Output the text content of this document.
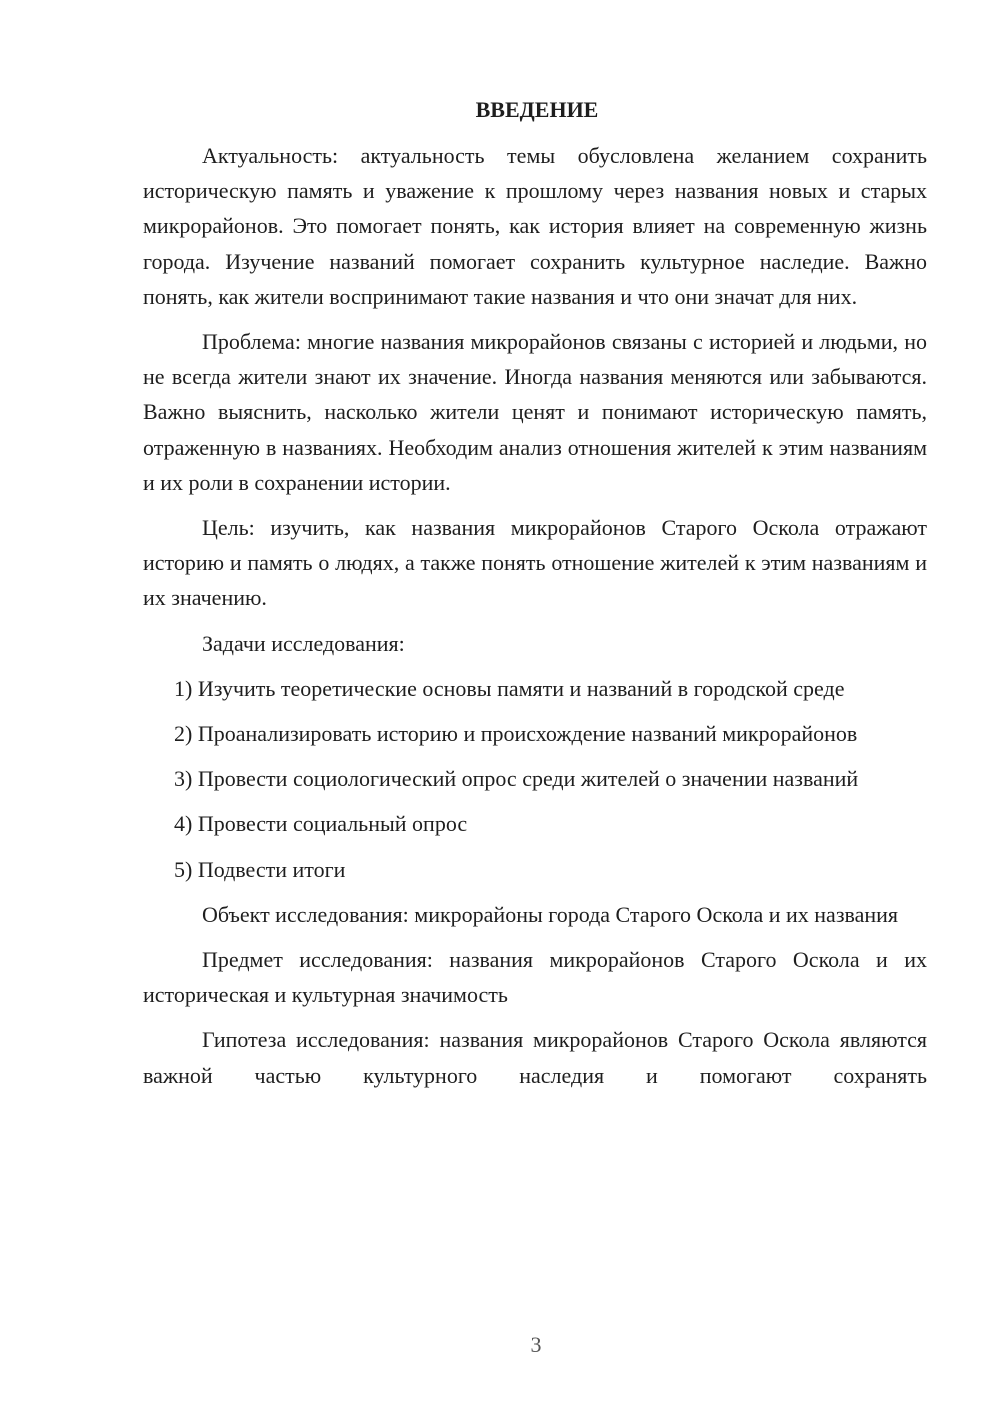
ВВЕДЕНИЕ

Актуальность: актуальность темы обусловлена желанием сохранить историческую память и уважение к прошлому через названия новых и старых микрорайонов. Это помогает понять, как история влияет на современную жизнь города. Изучение названий помогает сохранить культурное наследие. Важно понять, как жители воспринимают такие названия и что они значат для них.

Проблема: многие названия микрорайонов связаны с историей и людьми, но не всегда жители знают их значение. Иногда названия меняются или забываются. Важно выяснить, насколько жители ценят и понимают историческую память, отраженную в названиях. Необходим анализ отношения жителей к этим названиям и их роли в сохранении истории.

Цель: изучить, как названия микрорайонов Старого Оскола отражают историю и память о людях, а также понять отношение жителей к этим названиям и их значению.

Задачи исследования:

1) Изучить теоретические основы памяти и названий в городской среде

2) Проанализировать историю и происхождение названий микрорайонов

3) Провести социологический опрос среди жителей о значении названий

4) Провести социальный опрос

5) Подвести итоги

Объект исследования: микрорайоны города Старого Оскола и их названия

Предмет исследования: названия микрорайонов Старого Оскола и их историческая и культурная значимость

Гипотеза исследования: названия микрорайонов Старого Оскола являются важной частью культурного наследия и помогают сохранять

3
